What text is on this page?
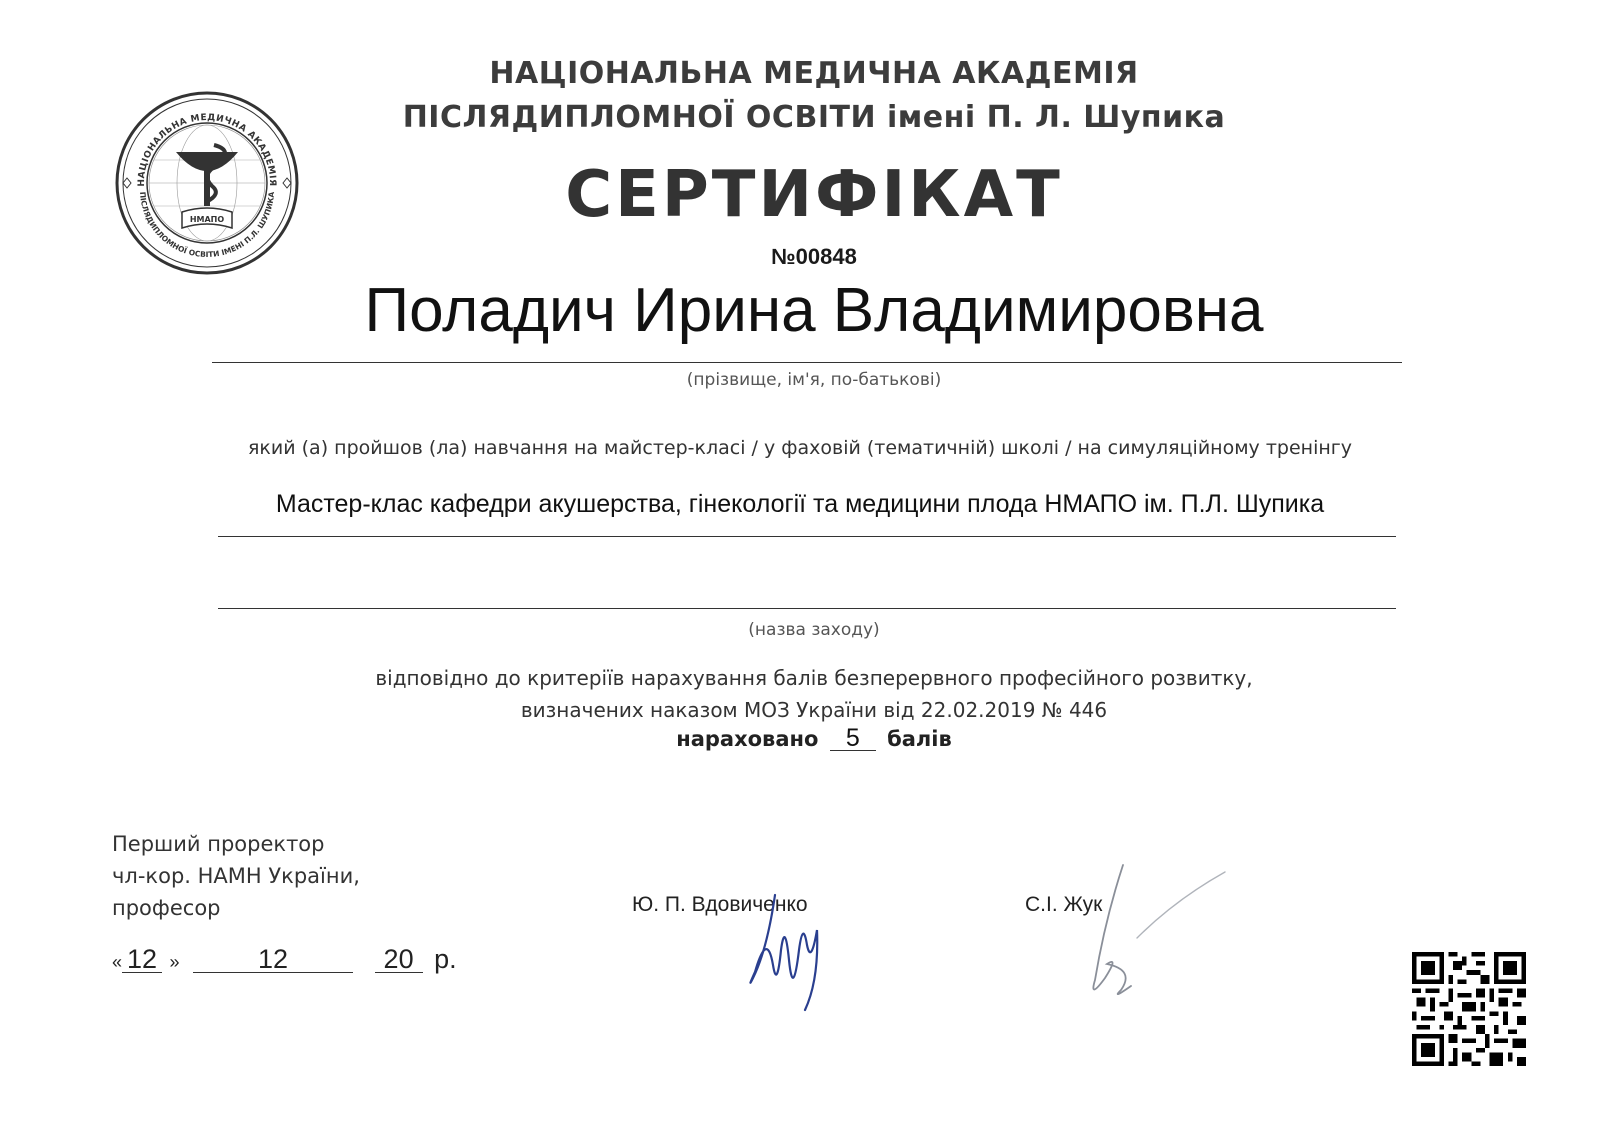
НАЦІОНАЛЬНА МЕДИЧНА АКАДЕМІЯ
ПІСЛЯДИПЛОМНОЇ ОСВІТИ ІМЕНІ П.Л. ШУПИКА
НМАПО
НАЦІОНАЛЬНА МЕДИЧНА АКАДЕМІЯ
ПІСЛЯДИПЛОМНОЇ ОСВІТИ імені П. Л. Шупика
СЕРТИФІКАТ
№00848
Поладич Ирина Владимировна
(прізвище, ім'я, по-батькові)
який (а) пройшов (ла) навчання на майстер-класі / у фаховій (тематичній) школі / на симуляційному тренінгу
Мастер-клас кафедри акушерства, гінекології та медицини плода НМАПО ім. П.Л. Шупика
(назва заходу)
відповідно до критеріїв нарахування балів безперервного професійного розвитку,
визначених наказом МОЗ України від 22.02.2019 № 446
нараховано 5 балів
Перший проректор
чл-кор. НАМН України,
професор	Ю. П. Вдовиченко	С.І. Жук
« 12 »	12	20 р.
